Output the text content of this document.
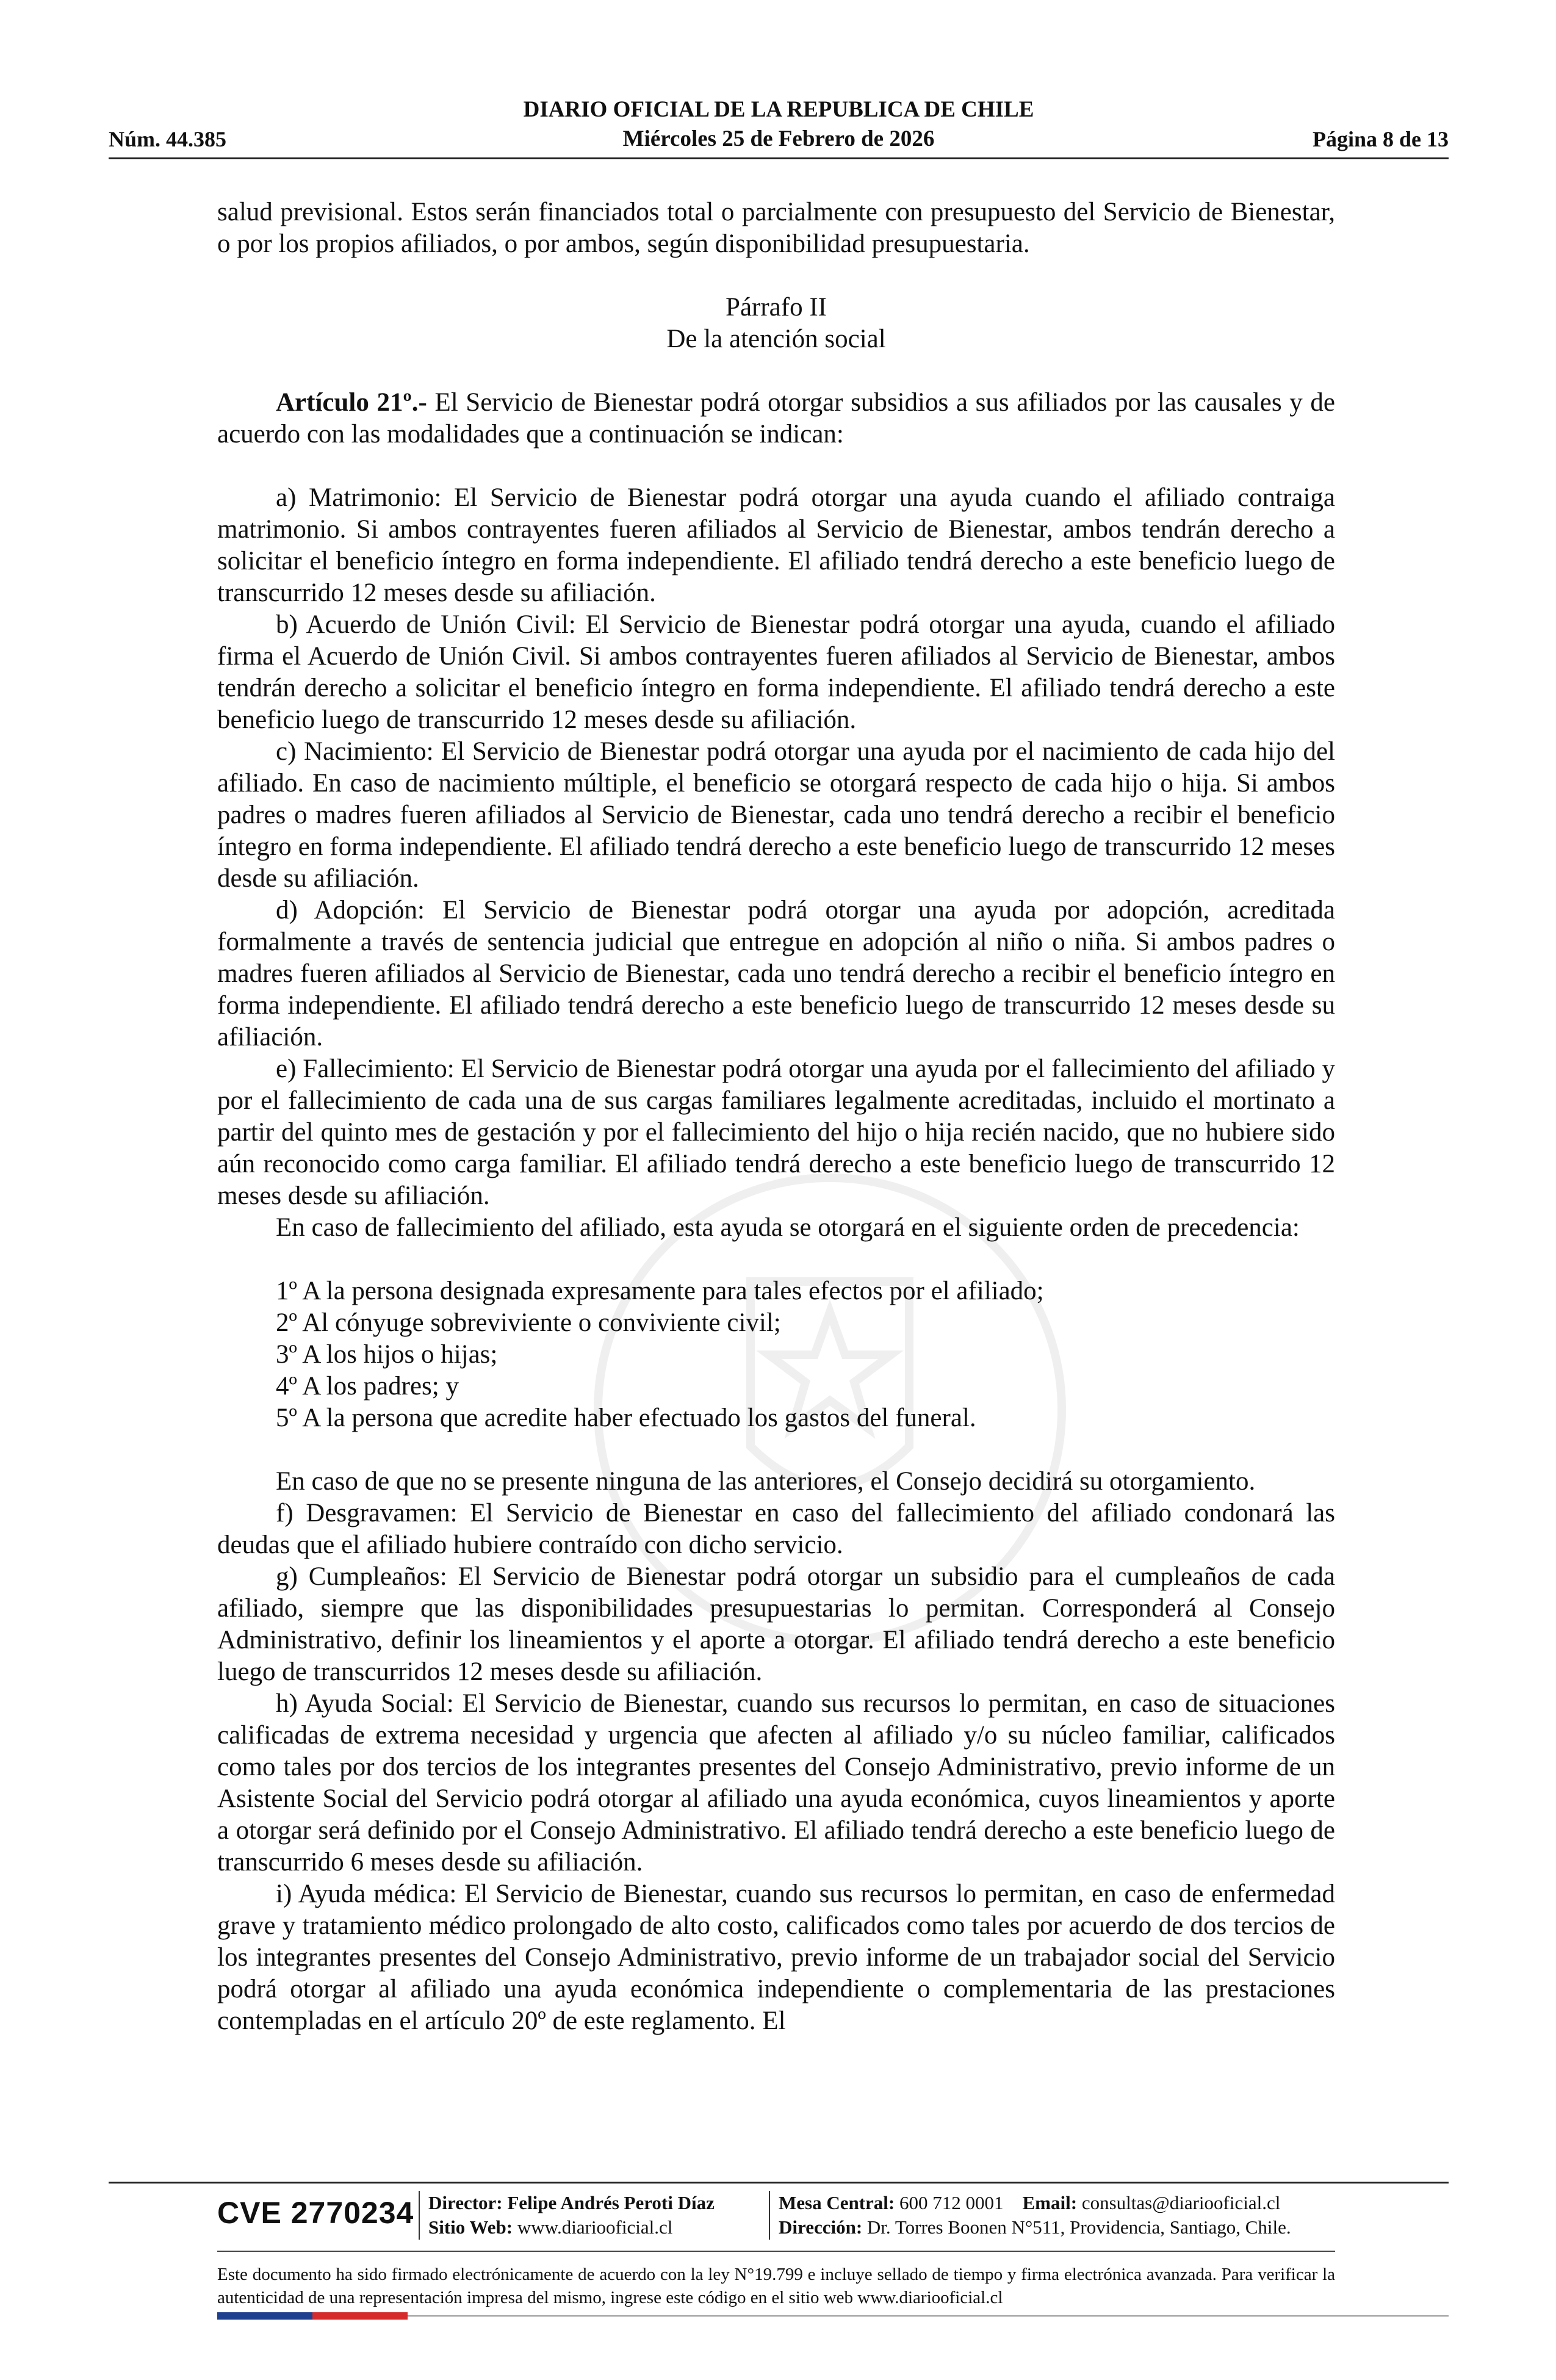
DIARIO OFICIAL DE LA REPUBLICA DE CHILE
Miércoles 25 de Febrero de 2026
Núm. 44.385	Página 8 de 13

salud previsional. Estos serán financiados total o parcialmente con presupuesto del Servicio de Bienestar, o por los propios afiliados, o por ambos, según disponibilidad presupuestaria.

Párrafo II

De la atención social

Artículo 21º.- El Servicio de Bienestar podrá otorgar subsidios a sus afiliados por las causales y de acuerdo con las modalidades que a continuación se indican:

a) Matrimonio: El Servicio de Bienestar podrá otorgar una ayuda cuando el afiliado contraiga matrimonio. Si ambos contrayentes fueren afiliados al Servicio de Bienestar, ambos tendrán derecho a solicitar el beneficio íntegro en forma independiente. El afiliado tendrá derecho a este beneficio luego de transcurrido 12 meses desde su afiliación.

b) Acuerdo de Unión Civil: El Servicio de Bienestar podrá otorgar una ayuda, cuando el afiliado firma el Acuerdo de Unión Civil. Si ambos contrayentes fueren afiliados al Servicio de Bienestar, ambos tendrán derecho a solicitar el beneficio íntegro en forma independiente. El afiliado tendrá derecho a este beneficio luego de transcurrido 12 meses desde su afiliación.

c) Nacimiento: El Servicio de Bienestar podrá otorgar una ayuda por el nacimiento de cada hijo del afiliado. En caso de nacimiento múltiple, el beneficio se otorgará respecto de cada hijo o hija. Si ambos padres o madres fueren afiliados al Servicio de Bienestar, cada uno tendrá derecho a recibir el beneficio íntegro en forma independiente. El afiliado tendrá derecho a este beneficio luego de transcurrido 12 meses desde su afiliación.

d) Adopción: El Servicio de Bienestar podrá otorgar una ayuda por adopción, acreditada formalmente a través de sentencia judicial que entregue en adopción al niño o niña. Si ambos padres o madres fueren afiliados al Servicio de Bienestar, cada uno tendrá derecho a recibir el beneficio íntegro en forma independiente. El afiliado tendrá derecho a este beneficio luego de transcurrido 12 meses desde su afiliación.

e) Fallecimiento: El Servicio de Bienestar podrá otorgar una ayuda por el fallecimiento del afiliado y por el fallecimiento de cada una de sus cargas familiares legalmente acreditadas, incluido el mortinato a partir del quinto mes de gestación y por el fallecimiento del hijo o hija recién nacido, que no hubiere sido aún reconocido como carga familiar. El afiliado tendrá derecho a este beneficio luego de transcurrido 12 meses desde su afiliación.

En caso de fallecimiento del afiliado, esta ayuda se otorgará en el siguiente orden de precedencia:

1º A la persona designada expresamente para tales efectos por el afiliado;

2º Al cónyuge sobreviviente o conviviente civil;

3º A los hijos o hijas;

4º A los padres; y

5º A la persona que acredite haber efectuado los gastos del funeral.

En caso de que no se presente ninguna de las anteriores, el Consejo decidirá su otorgamiento.

f) Desgravamen: El Servicio de Bienestar en caso del fallecimiento del afiliado condonará las deudas que el afiliado hubiere contraído con dicho servicio.

g) Cumpleaños: El Servicio de Bienestar podrá otorgar un subsidio para el cumpleaños de cada afiliado, siempre que las disponibilidades presupuestarias lo permitan. Corresponderá al Consejo Administrativo, definir los lineamientos y el aporte a otorgar. El afiliado tendrá derecho a este beneficio luego de transcurridos 12 meses desde su afiliación.

h) Ayuda Social: El Servicio de Bienestar, cuando sus recursos lo permitan, en caso de situaciones calificadas de extrema necesidad y urgencia que afecten al afiliado y/o su núcleo familiar, calificados como tales por dos tercios de los integrantes presentes del Consejo Administrativo, previo informe de un Asistente Social del Servicio podrá otorgar al afiliado una ayuda económica, cuyos lineamientos y aporte a otorgar será definido por el Consejo Administrativo. El afiliado tendrá derecho a este beneficio luego de transcurrido 6 meses desde su afiliación.

i) Ayuda médica: El Servicio de Bienestar, cuando sus recursos lo permitan, en caso de enfermedad grave y tratamiento médico prolongado de alto costo, calificados como tales por acuerdo de dos tercios de los integrantes presentes del Consejo Administrativo, previo informe de un trabajador social del Servicio podrá otorgar al afiliado una ayuda económica independiente o complementaria de las prestaciones contempladas en el artículo 20º de este reglamento. El

CVE 2770234 Director: Felipe Andrés Peroti Díaz
Sitio Web: www.diariooficial.cl
Mesa Central: 600 712 0001 Email: consultas@diariooficial.cl
Dirección: Dr. Torres Boonen N°511, Providencia, Santiago, Chile.
Este documento ha sido firmado electrónicamente de acuerdo con la ley N°19.799 e incluye sellado de tiempo y firma electrónica avanzada. Para verificar la autenticidad de una representación impresa del mismo, ingrese este código en el sitio web www.diariooficial.cl
